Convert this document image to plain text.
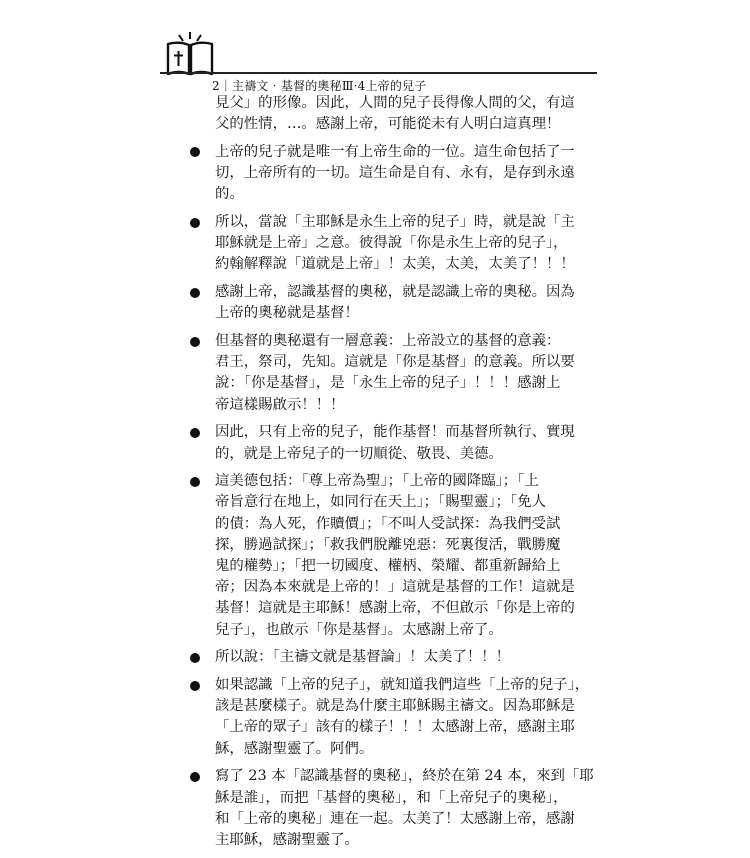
2｜主禱文‧基督的奧秘Ⅲ‧4上帝的兒子
見父」的形像。因此，人間的兒子長得像人間的父，有這
父的性情，…。感謝上帝，可能從未有人明白這真理！
上帝的兒子就是唯一有上帝生命的一位。這生命包括了一
切，上帝所有的一切。這生命是自有、永有，是存到永遠
的。
所以，當說「主耶穌是永生上帝的兒子」時，就是說「主
耶穌就是上帝」之意。彼得說「你是永生上帝的兒子」，
約翰解釋說「道就是上帝」！太美，太美，太美了！！！
感謝上帝，認識基督的奧秘，就是認識上帝的奧秘。因為
上帝的奧秘就是基督！
但基督的奧秘還有一層意義：上帝設立的基督的意義：
君王，祭司，先知。這就是「你是基督」的意義。所以要
說：「你是基督」，是「永生上帝的兒子」！！！感謝上
帝這樣賜啟示！！！
因此，只有上帝的兒子，能作基督！而基督所執行、實現
的，就是上帝兒子的一切順從、敬畏、美德。
這美德包括：「尊上帝為聖」；「上帝的國降臨」；「上
帝旨意行在地上，如同行在天上」；「賜聖靈」；「免人
的債：為人死，作贖價」；「不叫人受試探：為我們受試
探，勝過試探」；「救我們脫離兇惡：死裏復活，戰勝魔
鬼的權勢」；「把一切國度、權柄、榮耀、都重新歸給上
帝；因為本來就是上帝的！」這就是基督的工作！這就是
基督！這就是主耶穌！感謝上帝，不但啟示「你是上帝的
兒子」，也啟示「你是基督」。太感謝上帝了。
所以說：「主禱文就是基督論」！太美了！！！
如果認識「上帝的兒子」，就知道我們這些「上帝的兒子」，
該是甚麼樣子。就是為什麼主耶穌賜主禱文。因為耶穌是
「上帝的眾子」該有的樣子！！！太感謝上帝，感謝主耶
穌，感謝聖靈了。阿們。
寫了 23 本「認識基督的奧秘」，終於在第 24 本，來到「耶
穌是誰」，而把「基督的奧秘」，和「上帝兒子的奧秘」，
和「上帝的奧秘」連在一起。太美了！太感謝上帝，感謝
主耶穌，感謝聖靈了。
